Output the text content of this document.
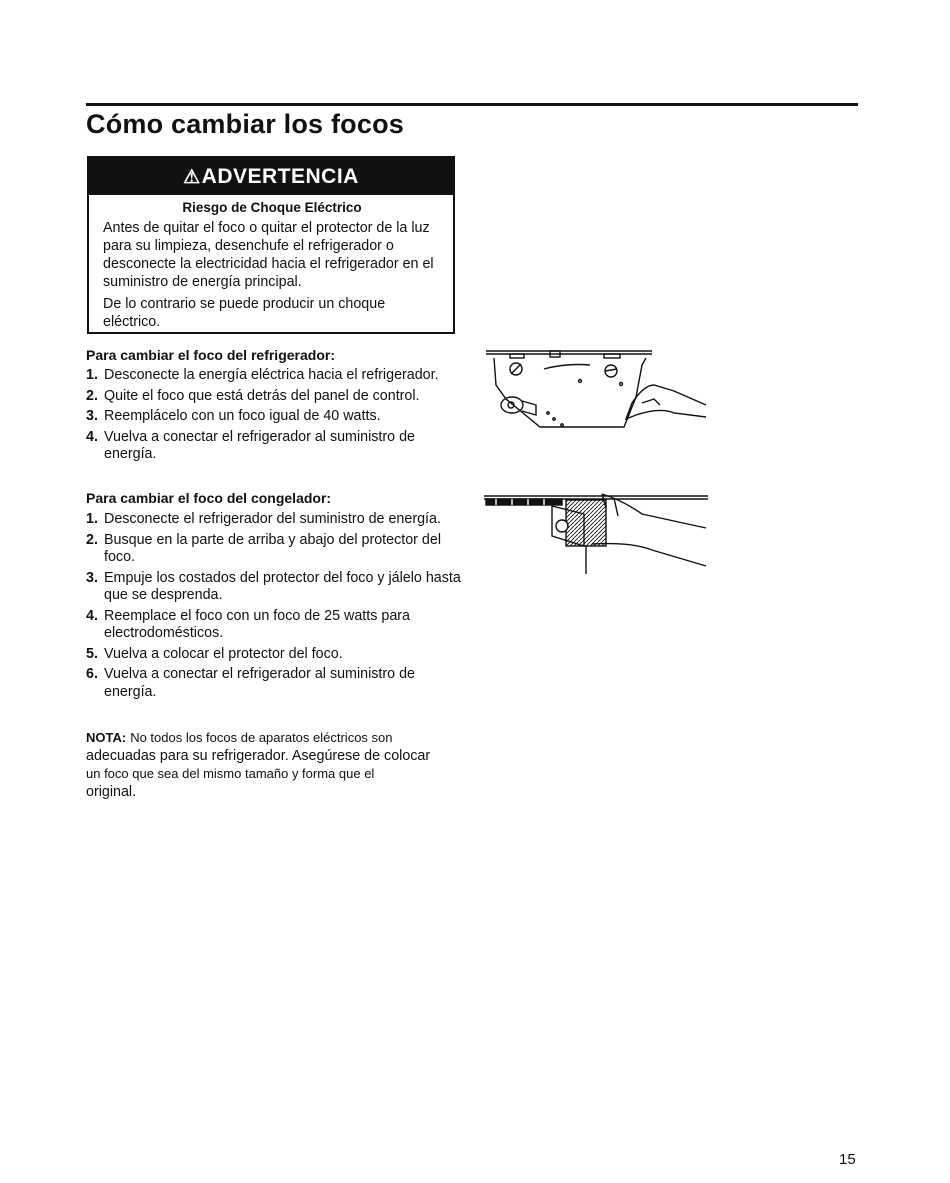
Cómo cambiar los focos
⚠ADVERTENCIA
Riesgo de Choque Eléctrico

Antes de quitar el foco o quitar el protector de la luz para su limpieza, desenchufe el refrigerador o desconecte la electricidad hacia el refrigerador en el suministro de energía principal.

De lo contrario se puede producir un choque eléctrico.

Para cambiar el foco del refrigerador:
1. Desconecte la energía eléctrica hacia el refrigerador.
2. Quite el foco que está detrás del panel de control.
3. Reemplácelo con un foco igual de 40 watts.
4. Vuelva a conectar el refrigerador al suministro de energía.
Para cambiar el foco del congelador:
1. Desconecte el refrigerador del suministro de energía.
2. Busque en la parte de arriba y abajo del protector del foco.
3. Empuje los costados del protector del foco y jálelo hasta que se desprenda.
4. Reemplace el foco con un foco de 25 watts para electrodomésticos.
5. Vuelva a colocar el protector del foco.
6. Vuelva a conectar el refrigerador al suministro de energía.

NOTA: No todos los focos de aparatos eléctricos son
adecuadas para su refrigerador. Asegúrese de colocar
un foco que sea del mismo tamaño y forma que el
original.

15
